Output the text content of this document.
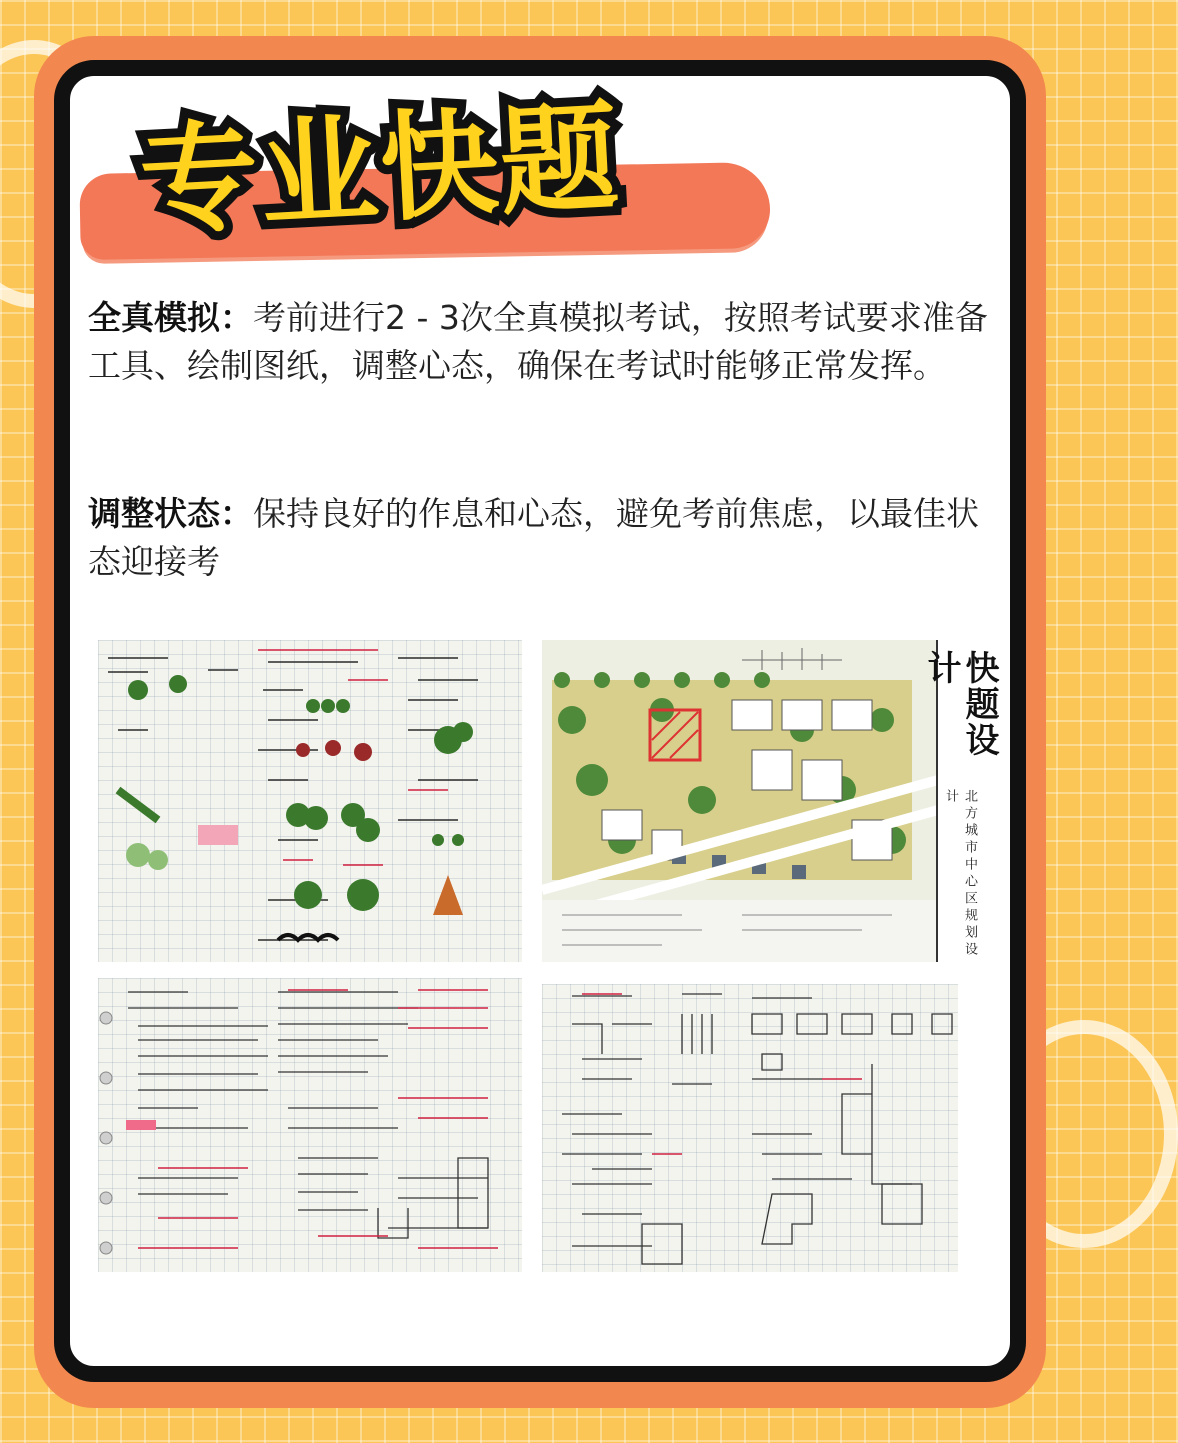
专业快题
全真模拟：考前进行2 - 3次全真模拟考试，按照考试要求准备工具、绘制图纸，调整心态，确保在考试时能够正常发挥。
调整状态：保持良好的作息和心态，避免考前焦虑，以最佳状态迎接考
快题设计
北方城市中心区规划设计
